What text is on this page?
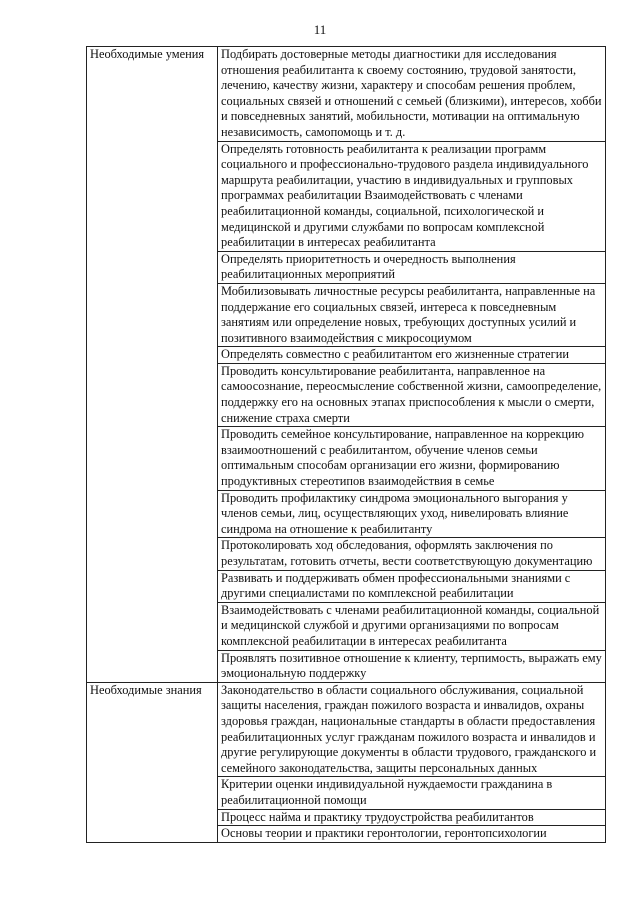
11
Необходимые умения	Подбирать достоверные методы диагностики для исследования отношения реабилитанта к своему состоянию, трудовой занятости, лечению, качеству жизни, характеру и способам решения проблем, социальных связей и отношений с семьей (близкими), интересов, хобби и повседневных занятий, мобильности, мотивации на оптимальную независимость, самопомощь и т. д.
	Определять готовность реабилитанта к реализации программ социального и профессионально-трудового раздела индивидуального маршрута реабилитации, участию в индивидуальных и групповых программах реабилитации Взаимодействовать с членами реабилитационной команды, социальной, психологической и медицинской и другими службами по вопросам комплексной реабилитации в интересах реабилитанта
	Определять приоритетность и очередность выполнения реабилитационных мероприятий
	Мобилизовывать личностные ресурсы реабилитанта, направленные на поддержание его социальных связей, интереса к повседневным занятиям или определение новых, требующих доступных усилий и позитивного взаимодействия с микросоциумом
	Определять совместно с реабилитантом его жизненные стратегии
	Проводить консультирование реабилитанта, направленное на самоосознание, переосмысление собственной жизни, самоопределение, поддержку его на основных этапах приспособления к мысли о смерти, снижение страха смерти
	Проводить семейное консультирование, направленное на коррекцию взаимоотношений с реабилитантом, обучение членов семьи оптимальным способам организации его жизни, формированию продуктивных стереотипов взаимодействия в семье
	Проводить профилактику синдрома эмоционального выгорания у членов семьи, лиц, осуществляющих уход, нивелировать влияние синдрома на отношение к реабилитанту
	Протоколировать ход обследования, оформлять заключения по результатам, готовить отчеты, вести соответствующую документацию
	Развивать и поддерживать обмен профессиональными знаниями с другими специалистами по комплексной реабилитации
	Взаимодействовать с членами реабилитационной команды, социальной и медицинской службой и другими организациями по вопросам комплексной реабилитации в интересах реабилитанта
	Проявлять позитивное отношение к клиенту, терпимость, выражать ему эмоциональную поддержку
Необходимые знания	Законодательство в области социального обслуживания, социальной защиты населения, граждан пожилого возраста и инвалидов, охраны здоровья граждан, национальные стандарты в области предоставления реабилитационных услуг гражданам пожилого возраста и инвалидов и другие регулирующие документы в области трудового, гражданского и семейного законодательства, защиты персональных данных
	Критерии оценки индивидуальной нуждаемости гражданина в реабилитационной помощи
	Процесс найма и практику трудоустройства реабилитантов
	Основы теории и практики геронтологии, геронтопсихологии
